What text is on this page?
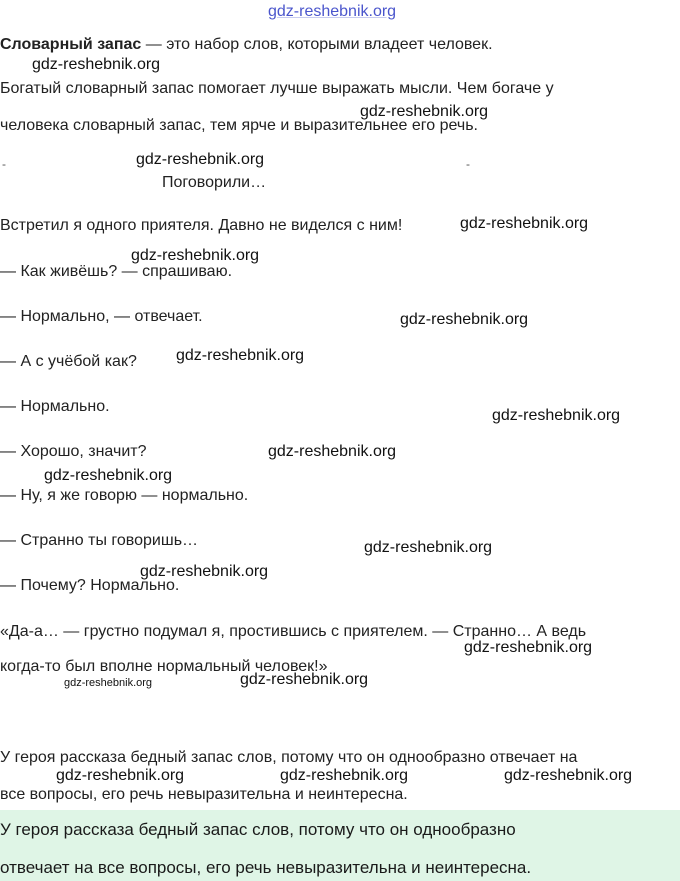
gdz-reshebnik.org
Словарный запас — это набор слов, которыми владеет человек.
gdz-reshebnik.org
Богатый словарный запас помогает лучше выражать мысли. Чем богаче у
gdz-reshebnik.org
человека словарный запас, тем ярче и выразительнее его речь.
-	gdz-reshebnik.org	-
Поговорили…
Встретил я одного приятеля. Давно не виделся с ним!	gdz-reshebnik.org
gdz-reshebnik.org
— Как живёшь? — спрашиваю.
— Нормально, — отвечает.	gdz-reshebnik.org
— А с учёбой как? gdz-reshebnik.org
— Нормально.
gdz-reshebnik.org
— Хорошо, значит?	gdz-reshebnik.org
gdz-reshebnik.org
— Ну, я же говорю — нормально.
— Странно ты говоришь…	gdz-reshebnik.org
gdz-reshebnik.org
— Почему? Нормально.
«Да-а… — грустно подумал я, простившись с приятелем. — Странно… А ведь
gdz-reshebnik.org
когда-то был вполне нормальный человек!»
gdz-reshebnik.org	gdz-reshebnik.org
У героя рассказа бедный запас слов, потому что он однообразно отвечает на
gdz-reshebnik.org	gdz-reshebnik.org	gdz-reshebnik.org
все вопросы, его речь невыразительна и неинтересна.
У героя рассказа бедный запас слов, потому что он однообразно
отвечает на все вопросы, его речь невыразительна и неинтересна.
